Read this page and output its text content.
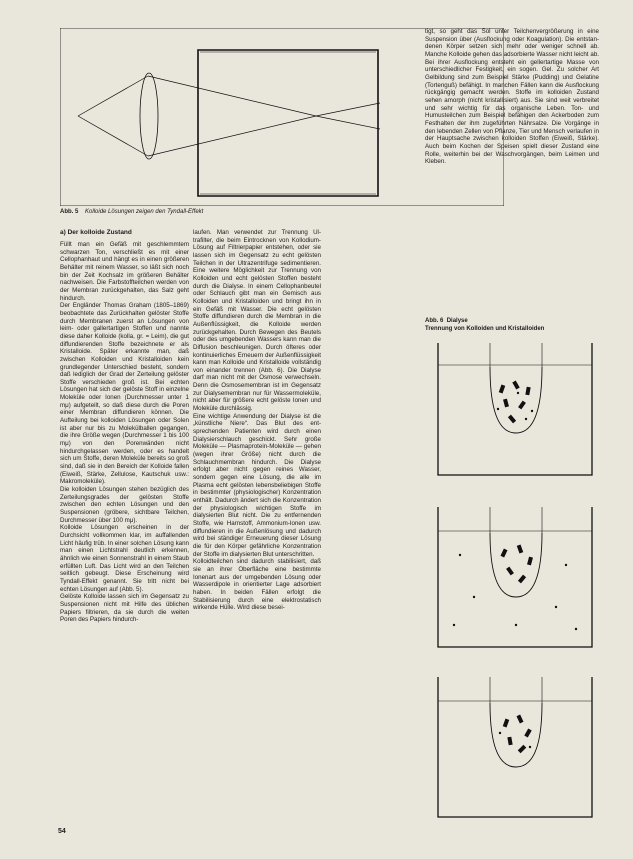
Abb. 5 Kolloide Lösungen zeigen den Tyndall-Effekt
a) Der kolloide Zustand

Füllt man ein Gefäß mit geschlemmtem schwarzen Ton, verschließt es mit einer Cellophanhaut und hängt es in einen größeren Behälter mit reinem Wasser, so läßt sich noch bin der Zeit Kochsalz im größeren Behälter nachweisen. Die Farbstoffteilchen werden von der Membran zurückgehalten, das Salz geht hindurch.

Der Engländer Thomas Graham (1805–1869) beobachtete das Zurückhalten gelöster Stoffe durch Membranen zuerst an Lösungen von leim- oder gallertartigen Stoffen und nannte diese daher Kolloide (kolla, gr. = Leim), die gut diffundierenden Stoffe bezeichnete er als Kristalloide. Später erkannte man, daß zwischen Kolloiden und Kristalloiden kein grundlegender Unterschied besteht, sondern daß lediglich der Grad der Zerteilung gelöster Stoffe verschieden groß ist. Bei echten Lösungen hat sich der gelöste Stoff in einzelne Moleküle oder Ionen (Durchmesser unter 1 mμ) aufgeteilt, so daß diese durch die Poren einer Membran diffundieren können. Die Aufteilung bei kolloiden Lösungen oder Solen ist aber nur bis zu Molekülballen gegangen, die ihre Größe wegen (Durchmesser 1 bis 100 mμ) von den Porenwänden nicht hindurchgelassen werden, oder es handelt sich um Stoffe, deren Moleküle bereits so groß sind, daß sie in den Bereich der Kolloide fallen (Eiweiß, Stärke, Zellulose, Kautschuk usw.: Makromoleküle).

Die kolloiden Lösungen stehen bezüglich des Zerteilungsgrades der gelösten Stoffe zwischen den echten Lösungen und den Suspensionen (gröbere, sichtbare Teilchen, Durchmesser über 100 mμ).

Kolloide Lösungen erscheinen in der Durchsicht vollkommen klar, im auffallenden Licht häufig trüb. In einer solchen Lösung kann man einen Lichtstrahl deutlich erkennen, ähnlich wie einen Sonnenstrahl in einem Staub erfüllten Luft. Das Licht wird an den Teilchen seitlich gebeugt. Diese Erscheinung wird Tyndall-Effekt genannt. Sie tritt nicht bei echten Lösungen auf (Abb. 5).

Gelöste Kolloide lassen sich im Gegensatz zu Suspensionen nicht mit Hilfe des üblichen Papiers filtrieren, da sie durch die weiten Poren des Papiers hindurch-

laufen. Man verwendet zur Trennung Ultrafilter, die beim Eintrocknen von Kollodium-Lösung auf Filtrierpapier entstehen, oder sie lassen sich im Gegensatz zu echt gelösten Teilchen in der Ultrazentrifuge sedimentieren. Eine weitere Möglichkeit zur Trennung von Kolloiden und echt gelösten Stoffen besteht durch die Dialyse. In einem Cellophanbeutel oder Schlauch gibt man ein Gemisch aus Kolloiden und Kristalloiden und bringt ihn in ein Gefäß mit Wasser. Die echt gelösten Stoffe diffundieren durch die Membran in die Außenflüssigkeit, die Kolloide werden zurückgehalten. Durch Bewegen des Beutels oder des umgebenden Wassers kann man die Diffusion beschleunigen. Durch öfteres oder kontinuierliches Erneuern der Außenflüssigkeit kann man Kolloide und Kristalloide vollständig von einander trennen (Abb. 6). Die Dialyse darf man nicht mit der Osmose verwechseln. Denn die Osmosemembran ist im Gegensatz zur Dialysemembran nur für Wassermoleküle, nicht aber für größere echt gelöste Ionen und Moleküle durchlässig.

Eine wichtige Anwendung der Dialyse ist die „künstliche Niere“. Das Blut des entsprechenden Patienten wird durch einen Dialysierschlauch geschickt. Sehr große Moleküle — Plasmaprotein-Moleküle — gehen (wegen ihrer Größe) nicht durch die Schlauchmembran hindurch. Die Dialyse erfolgt aber nicht gegen reines Wasser, sondern gegen eine Lösung, die alle im Plasma echt gelösten lebensbeliebigen Stoffe in bestimmter (physiologischer) Konzentration enthält. Dadurch ändert sich die Konzentration der physiologisch wichtigen Stoffe im dialysierten Blut nicht. Die zu entfernenden Stoffe, wie Harnstoff, Ammonium-Ionen usw. diffundieren in die Außenlösung und dadurch wird bei ständiger Erneuerung dieser Lösung die für den Körper gefährliche Konzentration der Stoffe im dialysierten Blut unterschritten.

Kolloidteilchen sind dadurch stabilisiert, daß sie an ihrer Oberfläche eine bestimmte Ionenart aus der umgebenden Lösung oder Wasserdipole in orientierter Lage adsorbiert haben. In beiden Fällen erfolgt die Stabilisierung durch eine elektrostatisch wirkende Hülle. Wird diese besei-

tigt, so geht das Sol unter Teilchenvergrößerung in eine Suspension über (Ausflockung oder Koagulation). Die entstandenen Körper setzen sich mehr oder weniger schnell ab. Manche Kolloide gehen das adsorbierte Wasser nicht leicht ab. Bei ihrer Ausflockung entsteht ein gellertartige Masse von unterschiedlicher Festigkeit, ein sogen. Gel. Zu solcher Art Gelbildung sind zum Beispiel Stärke (Pudding) und Gelatine (Tortenguß) befähigt. In manchen Fällen kann die Ausflockung rückgängig gemacht werden. Stoffe im kolloiden Zustand sehen amorph (nicht kristallisiert) aus. Sie sind weit verbreitet und sehr wichtig für das organische Leben. Ton- und Humusteilchen zum Beispiel befähigen den Ackerboden zum Festhalten der ihm zugeführten Nährsalze. Die Vorgänge in den lebenden Zellen von Pflanze, Tier und Mensch verlaufen in der Hauptsache zwischen kolloiden Stoffen (Eiweiß, Stärke). Auch beim Kochen der Speisen spielt dieser Zustand eine Rolle, weiterhin bei der Waschvorgängen, beim Leimen und Kleben.

Abb. 6 Dialyse
Trennung von Kolloiden und Kristalloiden
54
